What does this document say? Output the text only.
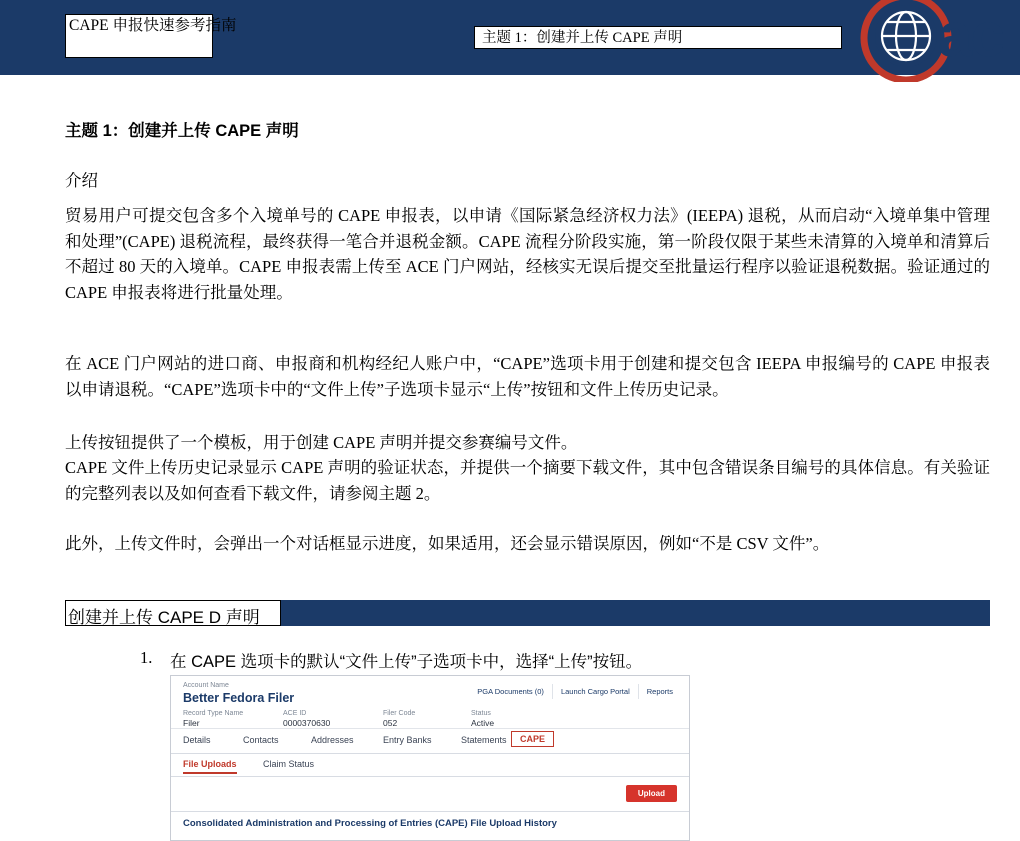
CAPE 申报快速参考指南
主题 1：创建并上传 CAPE 声明	ac
主题 1：创建并上传 CAPE 声明
介绍
贸易用户可提交包含多个入境单号的 CAPE 申报表，以申请《国际紧急经济权力法》(IEEPA) 退税，从而启动“入境单集中管理和处理”(CAPE) 退税流程，最终获得一笔合并退税金额。CAPE 流程分阶段实施，第一阶段仅限于某些未清算的入境单和清算后不超过 80 天的入境单。CAPE 申报表需上传至 ACE 门户网站，经核实无误后提交至批量运行程序以验证退税数据。验证通过的 CAPE 申报表将进行批量处理。
在 ACE 门户网站的进口商、申报商和机构经纪人账户中，“CAPE”选项卡用于创建和提交包含 IEEPA 申报编号的 CAPE 申报表以申请退税。“CAPE”选项卡中的“文件上传”子选项卡显示“上传”按钮和文件上传历史记录。
上传按钮提供了一个模板，用于创建 CAPE 声明并提交参赛编号文件。
CAPE 文件上传历史记录显示 CAPE 声明的验证状态，并提供一个摘要下载文件，其中包含错误条目编号的具体信息。有关验证的完整列表以及如何查看下载文件，请参阅主题 2。
此外，上传文件时，会弹出一个对话框显示进度，如果适用，还会显示错误原因，例如“不是 CSV 文件”。
创建并上传 CAPE D 声明
1. 在 CAPE 选项卡的默认“文件上传”子选项卡中，选择“上传”按钮。
Account Name
Better Fedora Filer
Record Type Name
Filer
ACE ID
0000370630
Filer Code
052
Status
Active
PGA Documents (0)	Launch Cargo Portal	Reports
Details	Contacts	Addresses	Entry Banks	Statements	CAPE
File Uploads	Claim Status
Upload
Consolidated Administration and Processing of Entries (CAPE) File Upload History
